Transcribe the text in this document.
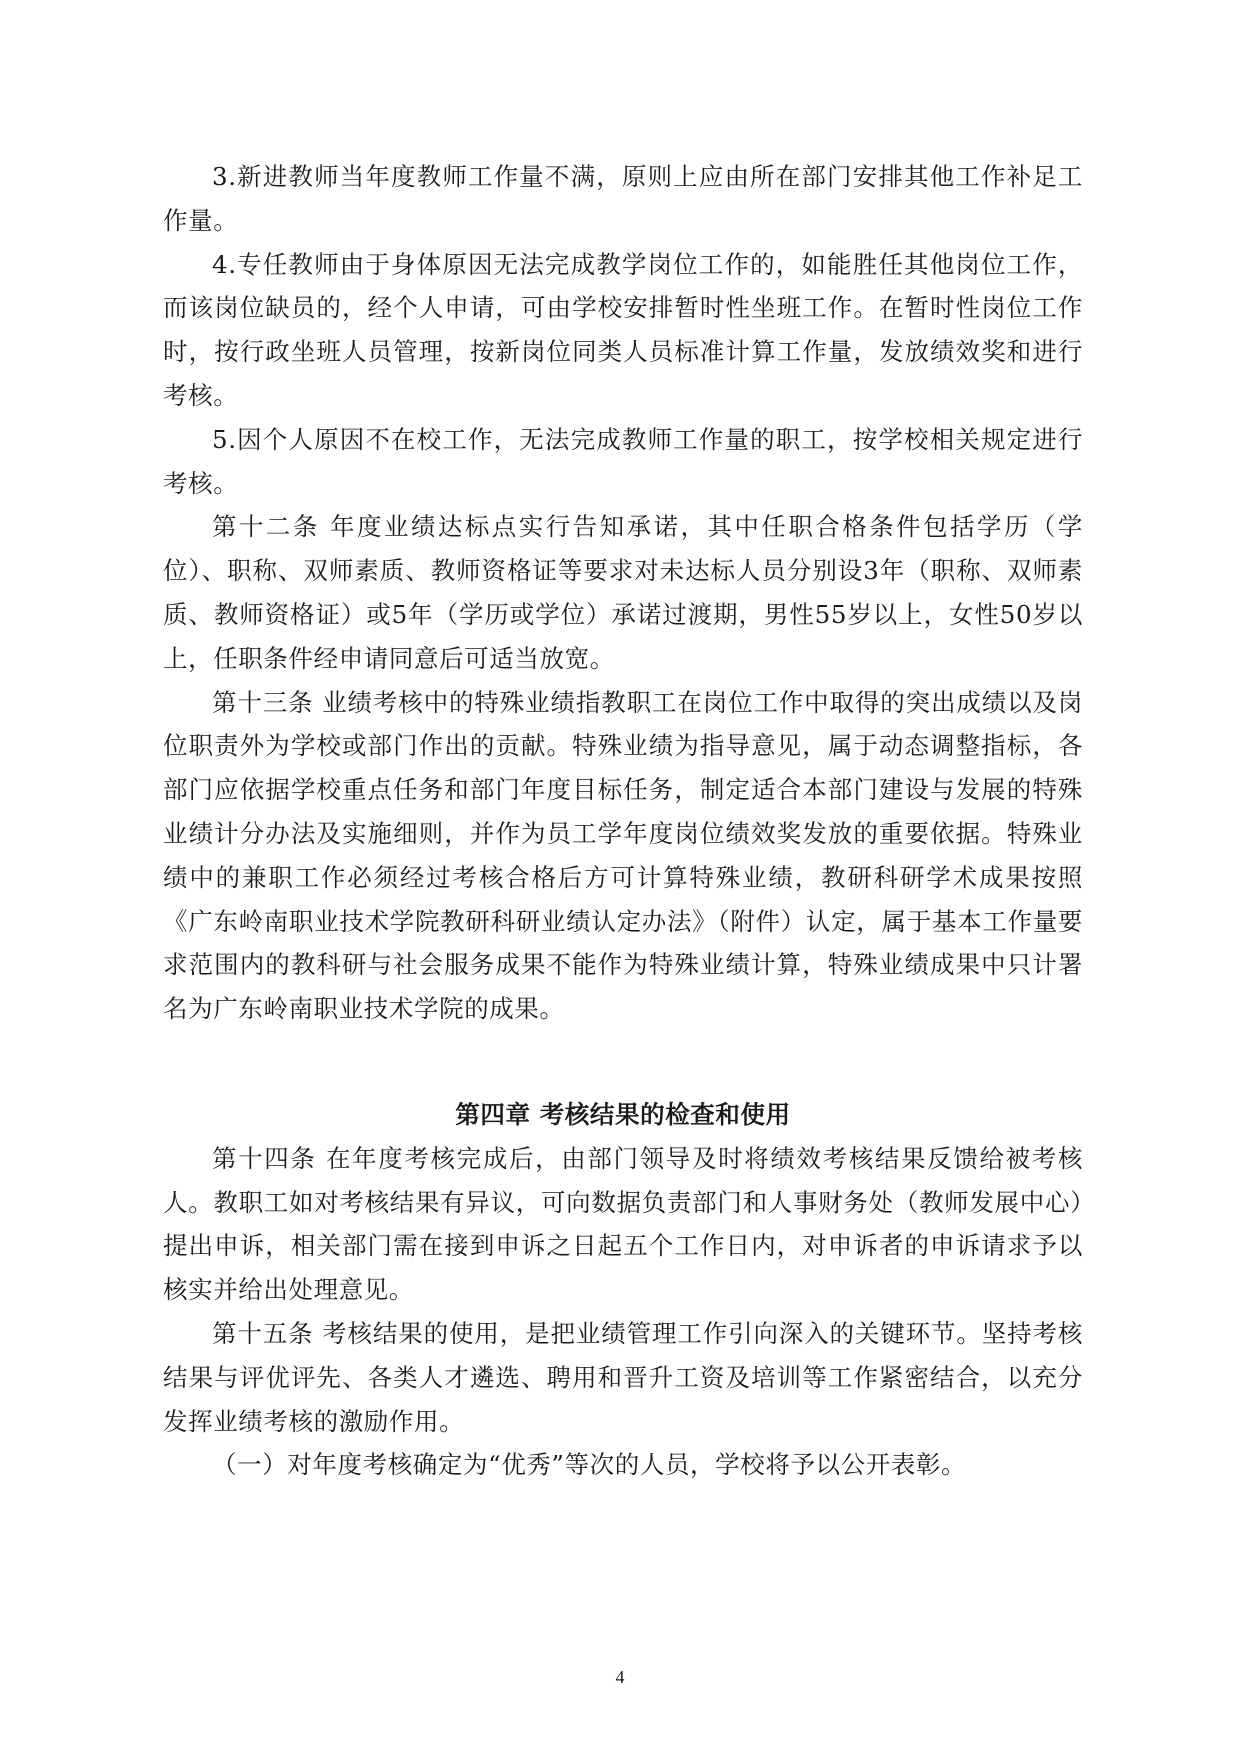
3.新进教师当年度教师工作量不满，原则上应由所在部门安排其他工作补足工作量。

4.专任教师由于身体原因无法完成教学岗位工作的，如能胜任其他岗位工作，而该岗位缺员的，经个人申请，可由学校安排暂时性坐班工作。在暂时性岗位工作时，按行政坐班人员管理，按新岗位同类人员标准计算工作量，发放绩效奖和进行考核。

5.因个人原因不在校工作，无法完成教师工作量的职工，按学校相关规定进行考核。

第十二条 年度业绩达标点实行告知承诺，其中任职合格条件包括学历（学位）、职称、双师素质、教师资格证等要求对未达标人员分别设3年（职称、双师素质、教师资格证）或5年（学历或学位）承诺过渡期，男性55岁以上，女性50岁以上，任职条件经申请同意后可适当放宽。

第十三条 业绩考核中的特殊业绩指教职工在岗位工作中取得的突出成绩以及岗位职责外为学校或部门作出的贡献。特殊业绩为指导意见，属于动态调整指标，各部门应依据学校重点任务和部门年度目标任务，制定适合本部门建设与发展的特殊业绩计分办法及实施细则，并作为员工学年度岗位绩效奖发放的重要依据。特殊业绩中的兼职工作必须经过考核合格后方可计算特殊业绩，教研科研学术成果按照《广东岭南职业技术学院教研科研业绩认定办法》（附件）认定，属于基本工作量要求范围内的教科研与社会服务成果不能作为特殊业绩计算，特殊业绩成果中只计署名为广东岭南职业技术学院的成果。

第四章 考核结果的检查和使用

第十四条 在年度考核完成后，由部门领导及时将绩效考核结果反馈给被考核人。教职工如对考核结果有异议，可向数据负责部门和人事财务处（教师发展中心）提出申诉，相关部门需在接到申诉之日起五个工作日内，对申诉者的申诉请求予以核实并给出处理意见。

第十五条 考核结果的使用，是把业绩管理工作引向深入的关键环节。坚持考核结果与评优评先、各类人才遴选、聘用和晋升工资及培训等工作紧密结合，以充分发挥业绩考核的激励作用。

（一）对年度考核确定为“优秀”等次的人员，学校将予以公开表彰。

4
